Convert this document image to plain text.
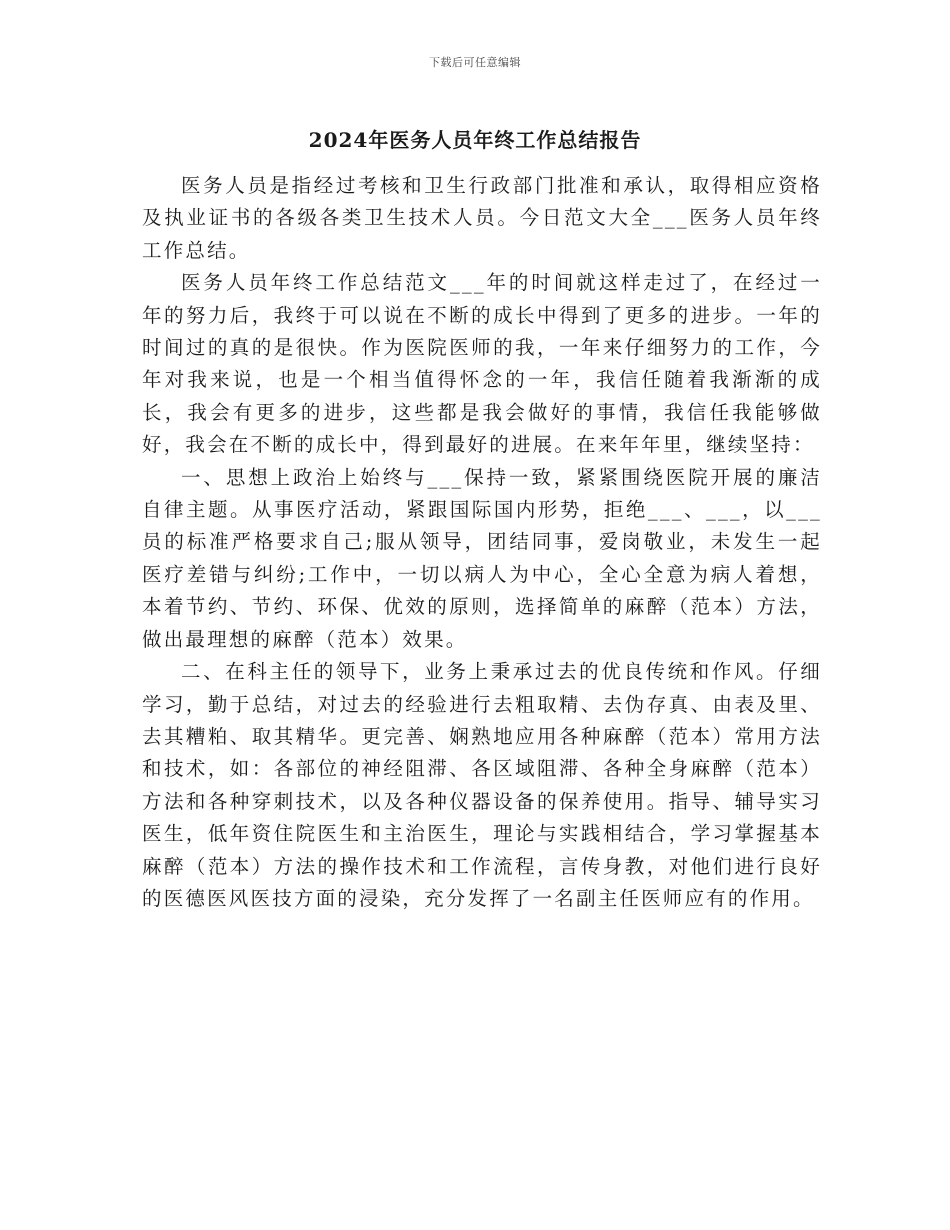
下载后可任意编辑
2024年医务人员年终工作总结报告

医务人员是指经过考核和卫生行政部门批准和承认，取得相应资格及执业证书的各级各类卫生技术人员。今日范文大全___医务人员年终工作总结。

医务人员年终工作总结范文___年的时间就这样走过了，在经过一年的努力后，我终于可以说在不断的成长中得到了更多的进步。一年的时间过的真的是很快。作为医院医师的我，一年来仔细努力的工作，今年对我来说，也是一个相当值得怀念的一年，我信任随着我渐渐的成长，我会有更多的进步，这些都是我会做好的事情，我信任我能够做好，我会在不断的成长中，得到最好的进展。在来年年里，继续坚持：

一、思想上政治上始终与___保持一致，紧紧围绕医院开展的廉洁自律主题。从事医疗活动，紧跟国际国内形势，拒绝___、___，以___员的标准严格要求自己;服从领导，团结同事，爱岗敬业，未发生一起医疗差错与纠纷;工作中，一切以病人为中心，全心全意为病人着想，本着节约、节约、环保、优效的原则，选择简单的麻醉（范本）方法，做出最理想的麻醉（范本）效果。

二、在科主任的领导下，业务上秉承过去的优良传统和作风。仔细学习，勤于总结，对过去的经验进行去粗取精、去伪存真、由表及里、去其糟粕、取其精华。更完善、娴熟地应用各种麻醉（范本）常用方法和技术，如：各部位的神经阻滞、各区域阻滞、各种全身麻醉（范本）方法和各种穿刺技术，以及各种仪器设备的保养使用。指导、辅导实习医生，低年资住院医生和主治医生，理论与实践相结合，学习掌握基本麻醉（范本）方法的操作技术和工作流程，言传身教，对他们进行良好的医德医风医技方面的浸染，充分发挥了一名副主任医师应有的作用。
